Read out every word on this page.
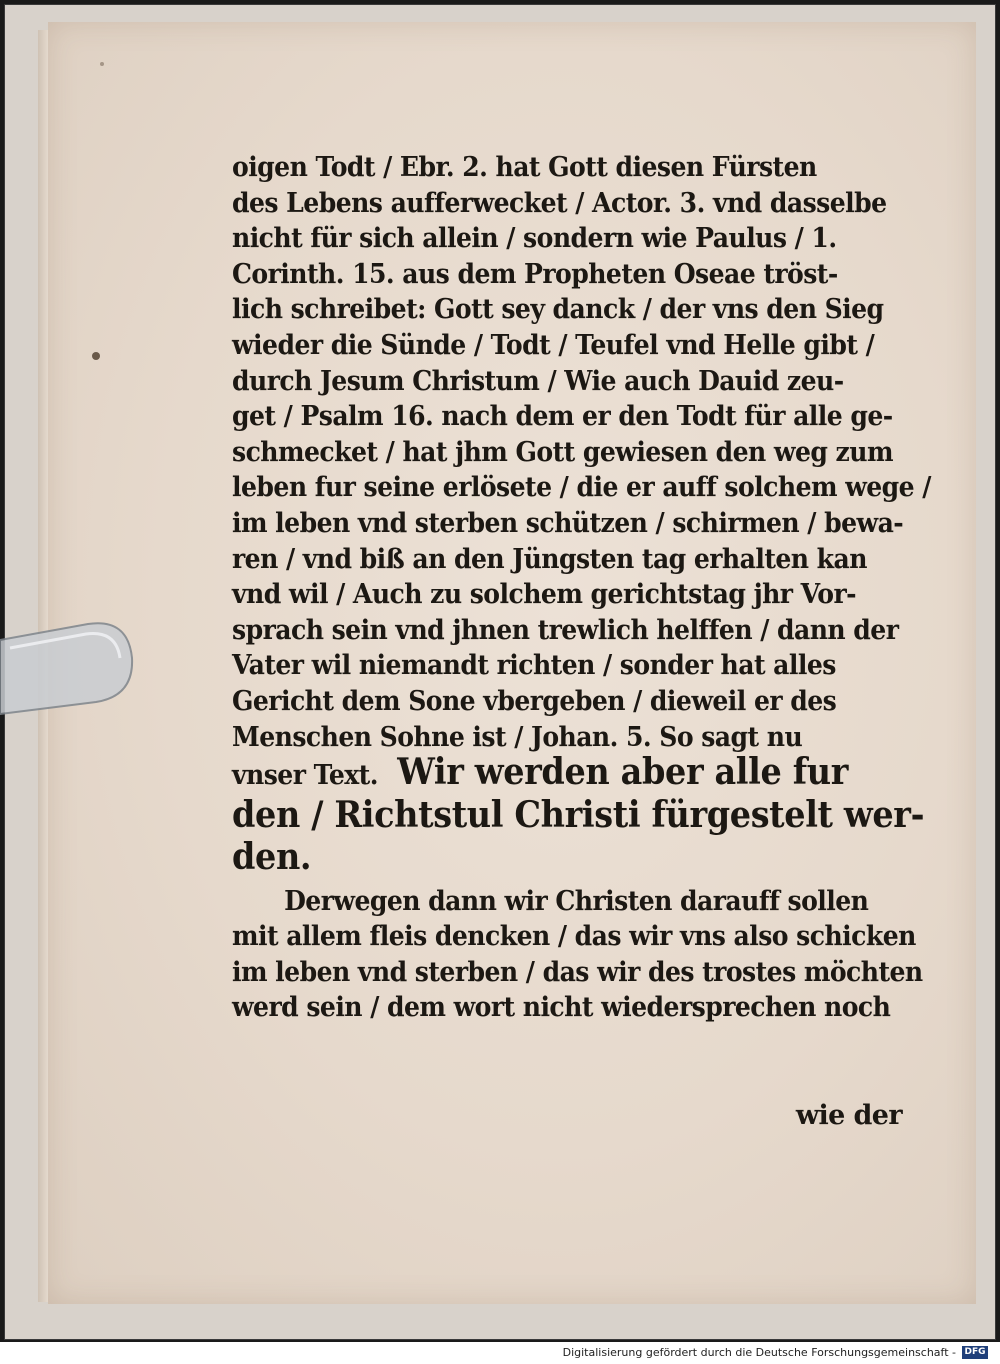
oigen Todt / Ebr. 2. hat Gott diesen Fürsten
des Lebens aufferwecket / Actor. 3. vnd dasselbe
nicht für sich allein / sondern wie Paulus / 1.
Corinth. 15. aus dem Propheten Oseae tröst-
lich schreibet: Gott sey danck / der vns den Sieg
wieder die Sünde / Todt / Teufel vnd Helle gibt /
durch Jesum Christum / Wie auch Dauid zeu-
get / Psalm 16. nach dem er den Todt für alle ge-
schmecket / hat jhm Gott gewiesen den weg zum
leben fur seine erlösete / die er auff solchem wege /
im leben vnd sterben schützen / schirmen / bewa-
ren / vnd biß an den Jüngsten tag erhalten kan
vnd wil / Auch zu solchem gerichtstag jhr Vor-
sprach sein vnd jhnen trewlich helffen / dann der
Vater wil niemandt richten / sonder hat alles
Gericht dem Sone vbergeben / dieweil er des
Menschen Sohne ist / Johan. 5. So sagt nu
vnser Text. Wir werden aber alle fur
den / Richtstul Christi fürgestelt wer-
den.
Derwegen dann wir Christen darauff sollen
mit allem fleis dencken / das wir vns also schicken
im leben vnd sterben / das wir des trostes möchten
werd sein / dem wort nicht wiedersprechen noch
wie der
Digitalisierung gefördert durch die Deutsche Forschungsgemeinschaft - DFG
